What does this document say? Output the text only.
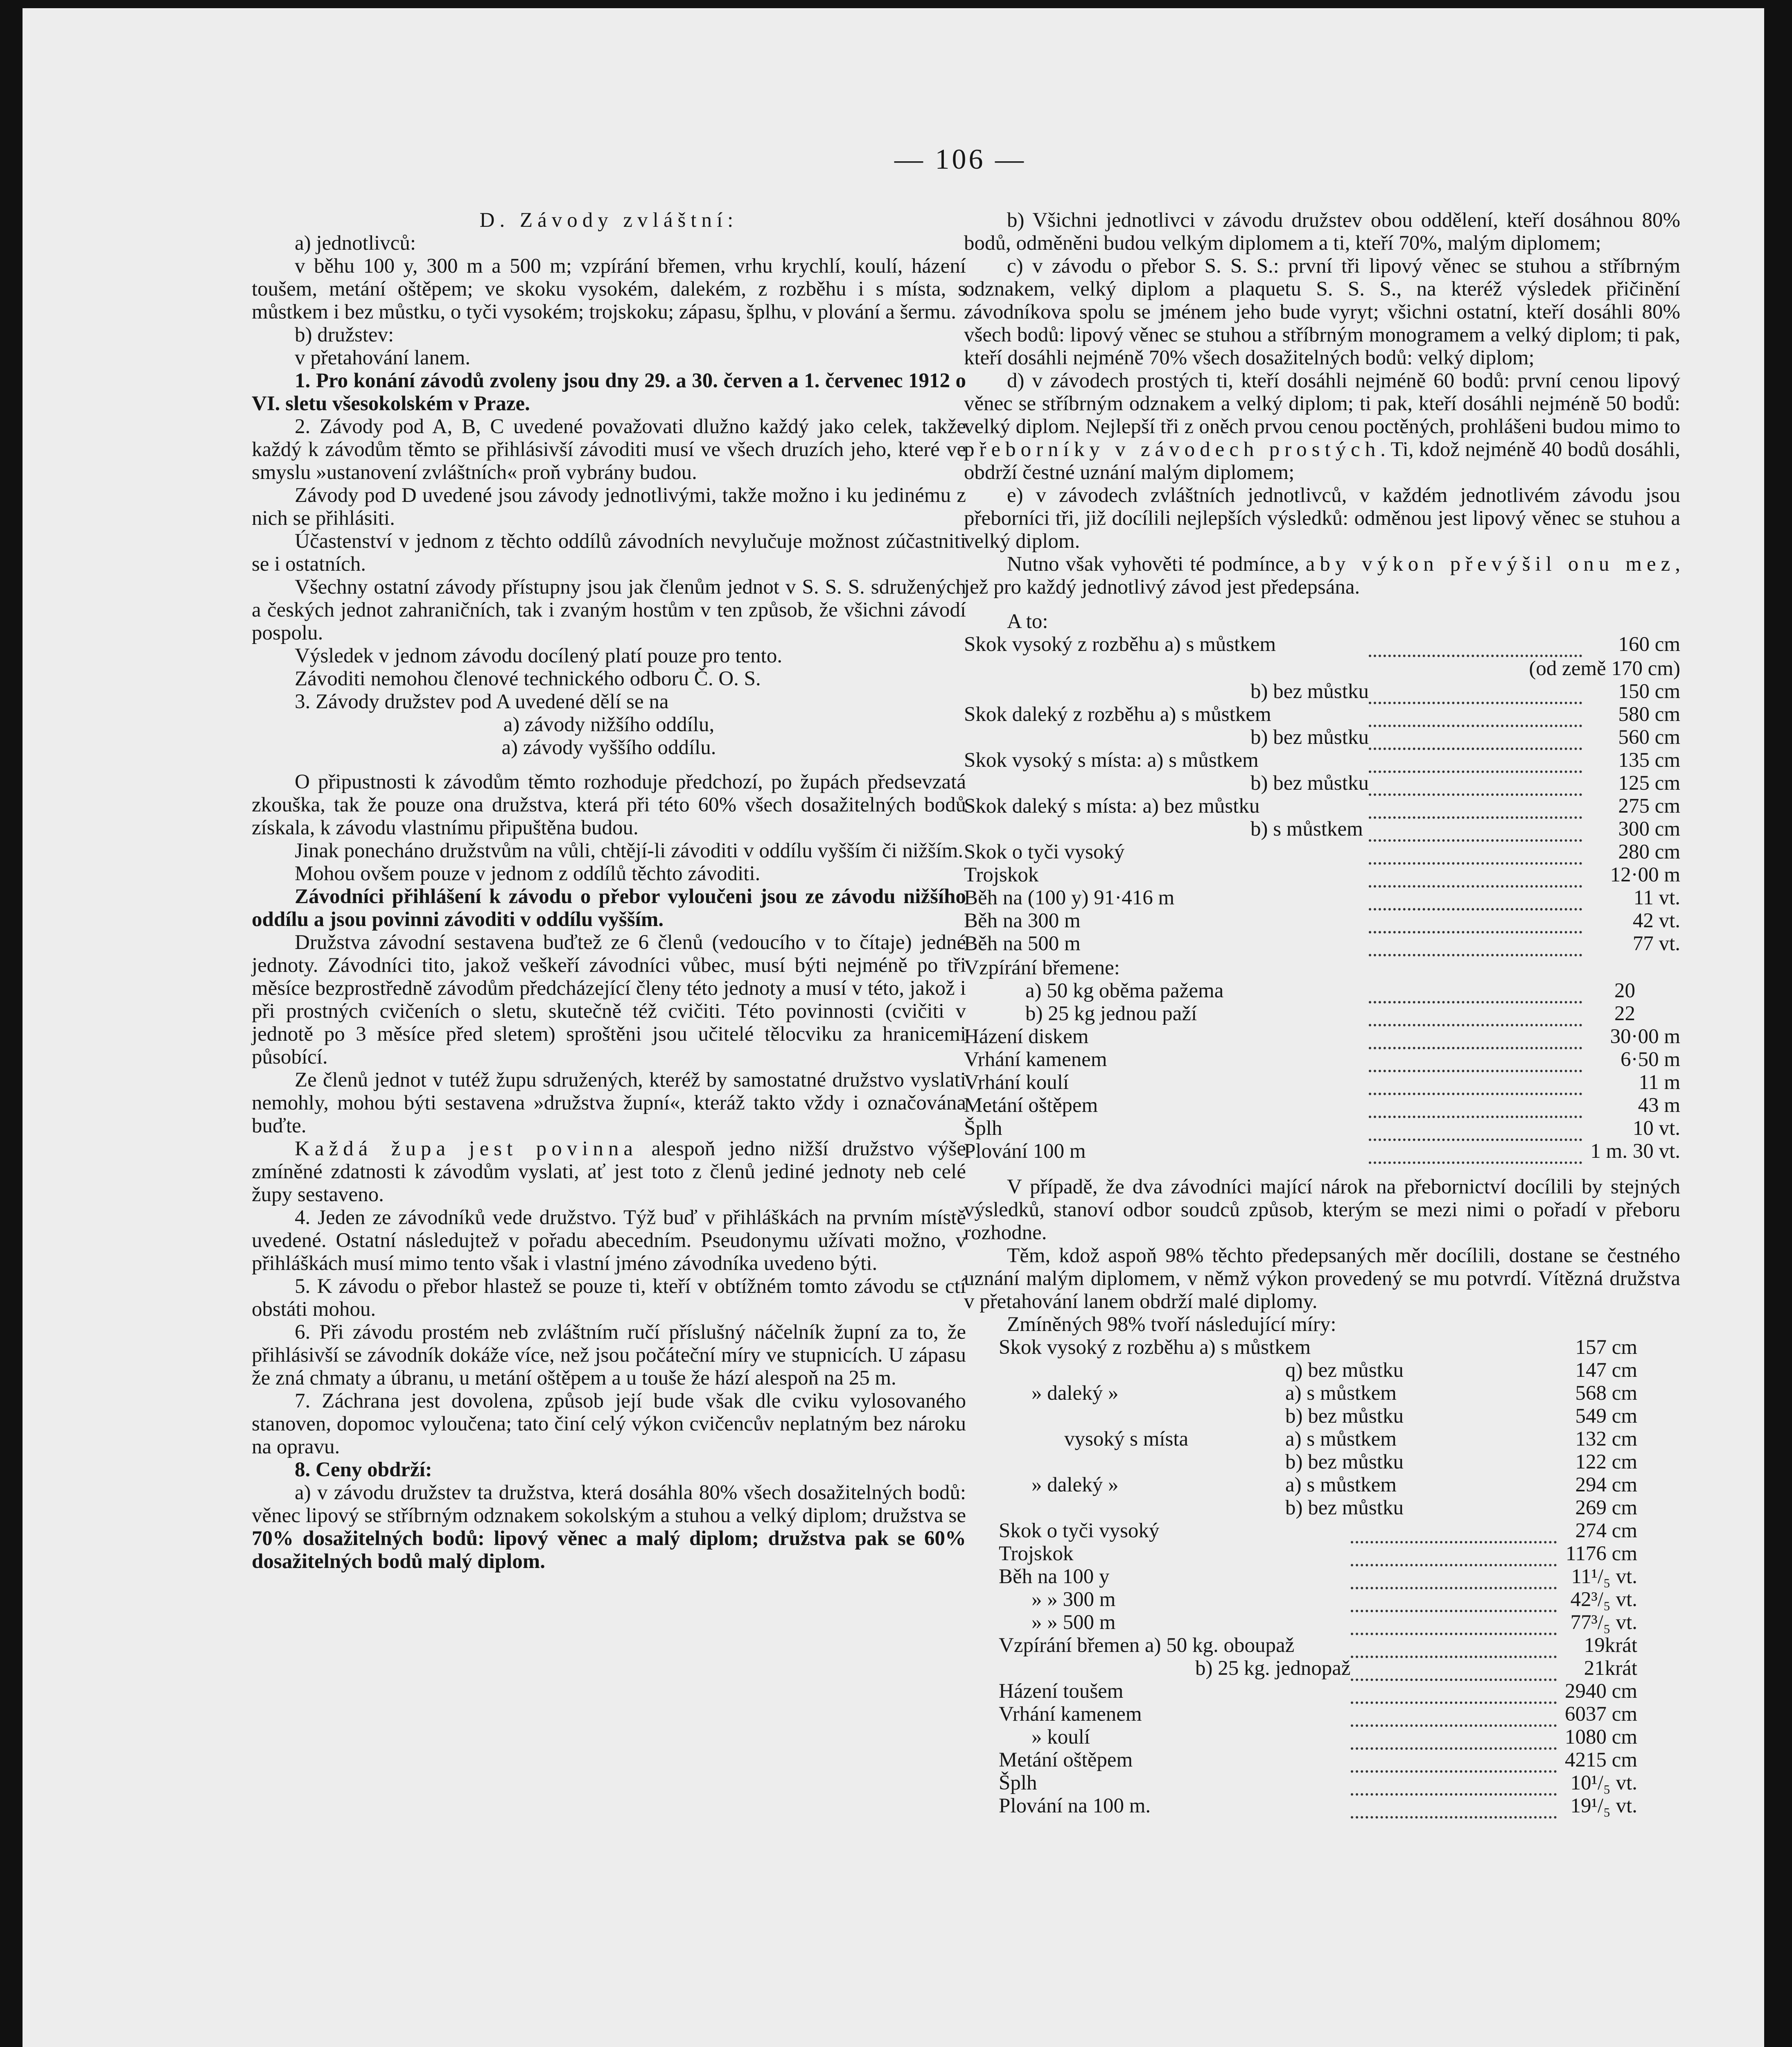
— 106 —

D. Závody zvláštní:

a) jednotlivců:

v běhu 100 y, 300 m a 500 m; vzpírání břemen, vrhu krychlí, koulí, házení toušem, metání oštěpem; ve skoku vysokém, dalekém, z rozběhu i s místa, s můstkem i bez můstku, o tyči vysokém; trojskoku; zápasu, šplhu, v plování a šermu.

b) družstev:

v přetahování lanem.

1. Pro konání závodů zvoleny jsou dny 29. a 30. červen a 1. červenec 1912 o VI. sletu všesokolském v Praze.

2. Závody pod A, B, C uvedené považovati dlužno každý jako celek, takže každý k závodům těmto se přihlásivší závoditi musí ve všech druzích jeho, které ve smyslu »ustanovení zvláštních« proň vybrány budou.

Závody pod D uvedené jsou závody jednotlivými, takže možno i ku jedinému z nich se přihlásiti.

Účastenství v jednom z těchto oddílů závodních nevylučuje možnost zúčastniti se i ostatních.

Všechny ostatní závody přístupny jsou jak členům jednot v S. S. S. sdružených a českých jednot zahraničních, tak i zvaným hostům v ten způsob, že všichni závodí pospolu.

Výsledek v jednom závodu docílený platí pouze pro tento.

Závoditi nemohou členové technického odboru Č. O. S.

3. Závody družstev pod A uvedené dělí se na

a) závody nižšího oddílu,

a) závody vyššího oddílu.

O připustnosti k závodům těmto rozhoduje předchozí, po župách předsevzatá zkouška, tak že pouze ona družstva, která při této 60% všech dosažitelných bodů získala, k závodu vlastnímu připuštěna budou.

Jinak ponecháno družstvům na vůli, chtějí-li závoditi v oddílu vyšším či nižším.

Mohou ovšem pouze v jednom z oddílů těchto závoditi.

Závodníci přihlášení k závodu o přebor vyloučeni jsou ze závodu nižšího oddílu a jsou povinni závoditi v oddílu vyšším.

Družstva závodní sestavena buďtež ze 6 členů (vedoucího v to čítaje) jedné jednoty. Závodníci tito, jakož veškeří závodníci vůbec, musí býti nejméně po tři měsíce bezprostředně závodům předcházející členy této jednoty a musí v této, jakož i při prostných cvičeních o sletu, skutečně též cvičiti. Této povinnosti (cvičiti v jednotě po 3 měsíce před sletem) sproštěni jsou učitelé tělocviku za hranicemi působící.

Ze členů jednot v tutéž župu sdružených, kteréž by samostatné družstvo vyslati nemohly, mohou býti sestavena »družstva župní«, kteráž takto vždy i označována buďte.

Každá župa jest povinna alespoň jedno nižší družstvo výše zmíněné zdatnosti k závodům vyslati, ať jest toto z členů jediné jednoty neb celé župy sestaveno.

4. Jeden ze závodníků vede družstvo. Týž buď v přihláškách na prvním místě uvedené. Ostatní následujtež v pořadu abecedním. Pseudonymu užívati možno, v přihláškách musí mimo tento však i vlastní jméno závodníka uvedeno býti.

5. K závodu o přebor hlastež se pouze ti, kteří v obtížném tomto závodu se ctí obstáti mohou.

6. Při závodu prostém neb zvláštním ručí příslušný náčelník župní za to, že přihlásivší se závodník dokáže více, než jsou počáteční míry ve stupnicích. U zápasu že zná chmaty a úbranu, u metání oštěpem a u touše že hází alespoň na 25 m.

7. Záchrana jest dovolena, způsob její bude však dle cviku vylosovaného stanoven, dopomoc vyloučena; tato činí celý výkon cvičencův neplatným bez nároku na opravu.

8. Ceny obdrží:

a) v závodu družstev ta družstva, která dosáhla 80% všech dosažitelných bodů: věnec lipový se stříbrným odznakem sokolským a stuhou a velký diplom; družstva se 70% dosažitelných bodů: lipový věnec a malý diplom; družstva pak se 60% dosažitelných bodů malý diplom.

b) Všichni jednotlivci v závodu družstev obou oddělení, kteří dosáhnou 80% bodů, odměněni budou velkým diplomem a ti, kteří 70%, malým diplomem;

c) v závodu o přebor S. S. S.: první tři lipový věnec se stuhou a stříbrným odznakem, velký diplom a plaquetu S. S. S., na kteréž výsledek přičinění závodníkova spolu se jménem jeho bude vyryt; všichni ostatní, kteří dosáhli 80% všech bodů: lipový věnec se stuhou a stříbrným monogramem a velký diplom; ti pak, kteří dosáhli nejméně 70% všech dosažitelných bodů: velký diplom;

d) v závodech prostých ti, kteří dosáhli nejméně 60 bodů: první cenou lipový věnec se stříbrným odznakem a velký diplom; ti pak, kteří dosáhli nejméně 50 bodů: velký diplom. Nejlepší tři z oněch prvou cenou poctěných, prohlášeni budou mimo to přeborníky v závodech prostých. Ti, kdož nejméně 40 bodů dosáhli, obdrží čestné uznání malým diplomem;

e) v závodech zvláštních jednotlivců, v každém jednotlivém závodu jsou přeborníci tři, již docílili nejlepších výsledků: odměnou jest lipový věnec se stuhou a velký diplom.

Nutno však vyhověti té podmínce, aby výkon převýšil onu mez, jež pro každý jednotlivý závod jest předepsána.

A to:

Skok vysoký z rozběhu a) s můstkem		160 cm
(od země 170 cm)		
b) bez můstku		150 cm
Skok daleký z rozběhu a) s můstkem		580 cm
b) bez můstku		560 cm
Skok vysoký s místa: a) s můstkem		135 cm
b) bez můstku		125 cm
Skok daleký s místa: a) bez můstku		275 cm
b) s můstkem		300 cm
Skok o tyči vysoký		280 cm
Trojskok		12·00 m
Běh na (100 y) 91·416 m		11 vt.
Běh na 300 m		42 vt.
Běh na 500 m		77 vt.
Vzpírání břemene:		
a) 50 kg oběma pažema		20
b) 25 kg jednou paží		22
Házení diskem		30·00 m
Vrhání kamenem		6·50 m
Vrhání koulí		11 m
Metání oštěpem		43 m
Šplh		10 vt.
Plování 100 m		1 m. 30 vt.

V případě, že dva závodníci mající nárok na přebornictví docílili by stejných výsledků, stanoví odbor soudců způsob, kterým se mezi nimi o pořadí v přeboru rozhodne.

Těm, kdož aspoň 98% těchto předepsaných měr docílili, dostane se čestného uznání malým diplomem, v němž výkon provedený se mu potvrdí. Vítězná družstva v přetahování lanem obdrží malé diplomy.

Zmíněných 98% tvoří následující míry:

Skok vysoký z rozběhu a) s můstkem	157 cm
q) bez můstku	147 cm
» daleký » a) s můstkem	568 cm
b) bez můstku	549 cm
vysoký s místa a) s můstkem	132 cm
b) bez můstku	122 cm
» daleký » a) s můstkem	294 cm
b) bez můstku	269 cm
Skok o tyči vysoký		274 cm
Trojskok		1176 cm
Běh na 100 y		11¹/₅ vt.
» » 300 m		42³/₅ vt.
» » 500 m		77³/₅ vt.
Vzpírání břemen a) 50 kg. oboupaž		19krát
b) 25 kg. jednopaž		21krát
Házení toušem		2940 cm
Vrhání kamenem		6037 cm
» koulí		1080 cm
Metání oštěpem		4215 cm
Šplh		10¹/₅ vt.
Plování na 100 m.		19¹/₅ vt.
